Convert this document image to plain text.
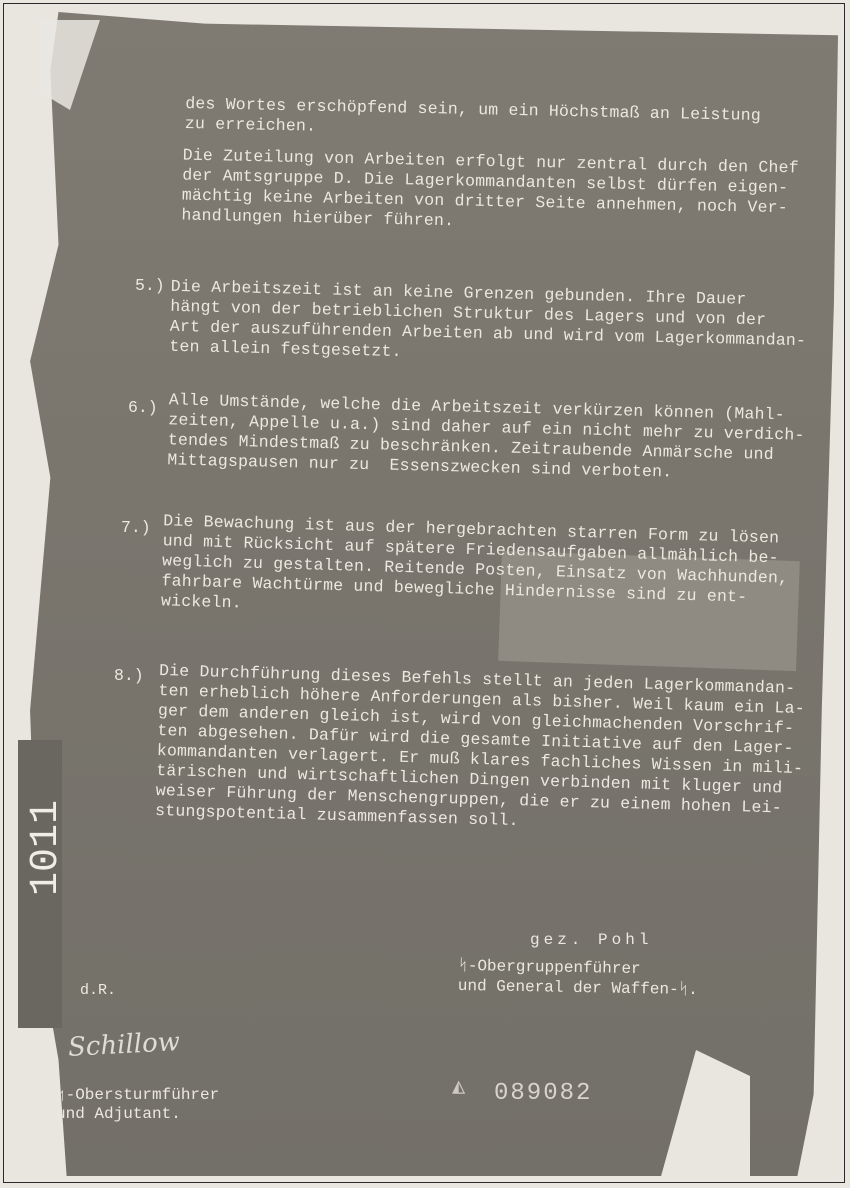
1011
des Wortes erschöpfend sein, um ein Höchstmaß an Leistung
zu erreichen.
Die Zuteilung von Arbeiten erfolgt nur zentral durch den Chef
der Amtsgruppe D. Die Lagerkommandanten selbst dürfen eigen-
mächtig keine Arbeiten von dritter Seite annehmen, noch Ver-
handlungen hierüber führen.
5.) Die Arbeitszeit ist an keine Grenzen gebunden. Ihre Dauer
hängt von der betrieblichen Struktur des Lagers und von der
Art der auszuführenden Arbeiten ab und wird vom Lagerkommandan-
ten allein festgesetzt.
6.) Alle Umstände, welche die Arbeitszeit verkürzen können (Mahl-
zeiten, Appelle u.a.) sind daher auf ein nicht mehr zu verdich-
tendes Mindestmaß zu beschränken. Zeitraubende Anmärsche und
Mittagspausen nur zu  Essenszwecken sind verboten.
7.) Die Bewachung ist aus der hergebrachten starren Form zu lösen
und mit Rücksicht auf spätere Friedensaufgaben allmählich be-
weglich zu gestalten. Reitende Posten, Einsatz von Wachhunden,
fahrbare Wachtürme und bewegliche Hindernisse sind zu ent-
wickeln.
8.) Die Durchführung dieses Befehls stellt an jeden Lagerkommandan-
ten erheblich höhere Anforderungen als bisher. Weil kaum ein La-
ger dem anderen gleich ist, wird von gleichmachenden Vorschrif-
ten abgesehen. Dafür wird die gesamte Initiative auf den Lager-
kommandanten verlagert. Er muß klares fachliches Wissen in mili-
tärischen und wirtschaftlichen Dingen verbinden mit kluger und
weiser Führung der Menschengruppen, die er zu einem hohen Lei-
stungspotential zusammenfassen soll.
gez. Pohl
ᛋ-Obergruppenführer
und General der Waffen-ᛋ.
d.R.
Schillow
ᛋ-Obersturmführer
und Adjutant.
◭	089082
